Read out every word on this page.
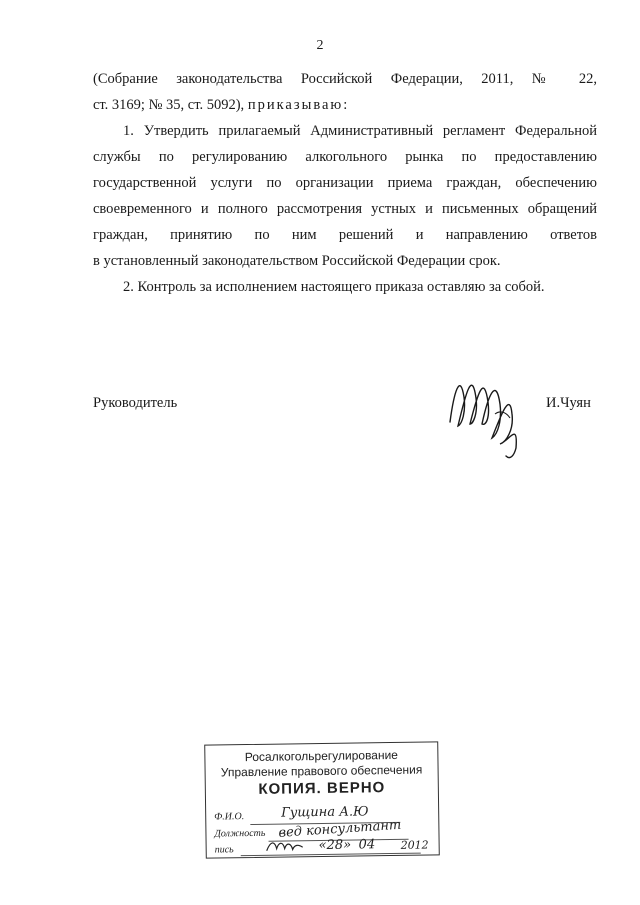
2
(Собрание законодательства Российской Федерации, 2011, № 22,
ст. 3169; № 35, ст. 5092), приказываю:
1. Утвердить прилагаемый Административный регламент Федеральной
службы по регулированию алкогольного рынка по предоставлению
государственной услуги по организации приема граждан, обеспечению
своевременного и полного рассмотрения устных и письменных обращений
граждан, принятию по ним решений и направлению ответов
в установленный законодательством Российской Федерации срок.
2. Контроль за исполнением настоящего приказа оставляю за собой.
Руководитель	И.Чуян
Росалкогольрегулирование
Управление правового обеспечения
КОПИЯ. ВЕРНО
Ф.И.О.	Гущина А.Ю
Должность вед консультант
пись	«28» 04 2012
